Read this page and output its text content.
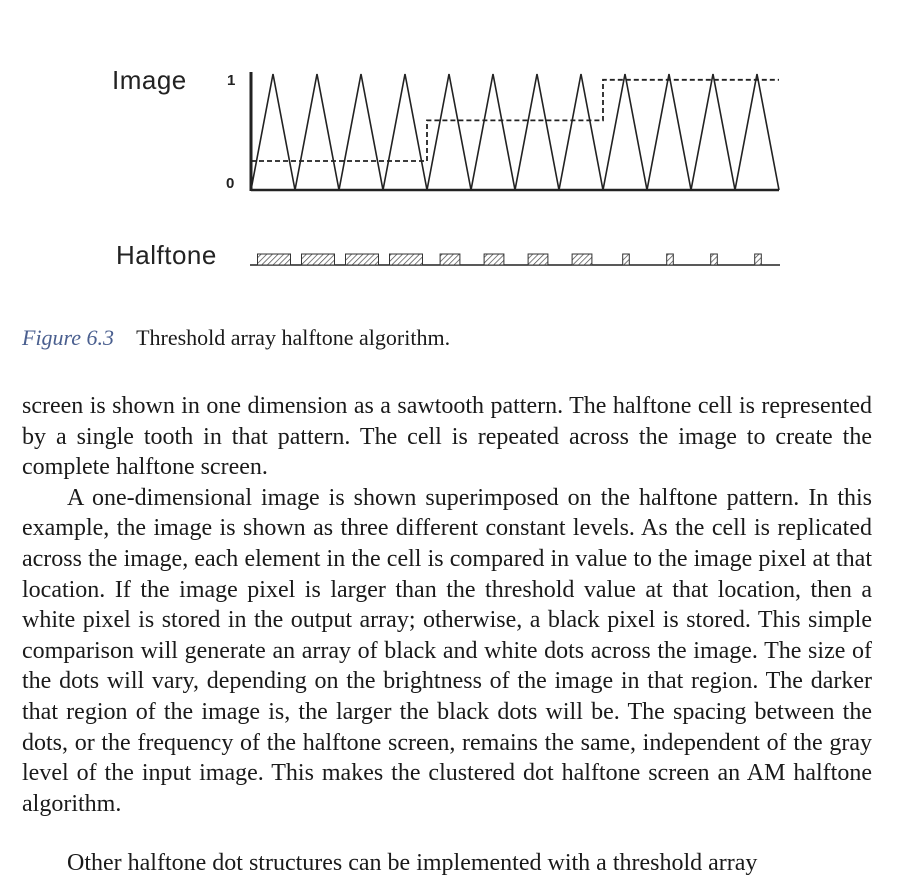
Image
Halftone
1
0
Figure 6.3 Threshold array halftone algorithm.

screen is shown in one dimension as a sawtooth pattern. The halftone cell is represented by a single tooth in that pattern. The cell is repeated across the image to create the complete halftone screen.

A one-dimensional image is shown superimposed on the halftone pattern. In this example, the image is shown as three different constant levels. As the cell is replicated across the image, each element in the cell is compared in value to the image pixel at that location. If the image pixel is larger than the threshold value at that location, then a white pixel is stored in the output array; otherwise, a black pixel is stored. This simple comparison will generate an array of black and white dots across the image. The size of the dots will vary, depending on the brightness of the image in that region. The darker that region of the image is, the larger the black dots will be. The spacing between the dots, or the frequency of the halftone screen, remains the same, independent of the gray level of the input image. This makes the clustered dot halftone screen an AM halftone algorithm.

Other halftone dot structures can be implemented with a threshold array
